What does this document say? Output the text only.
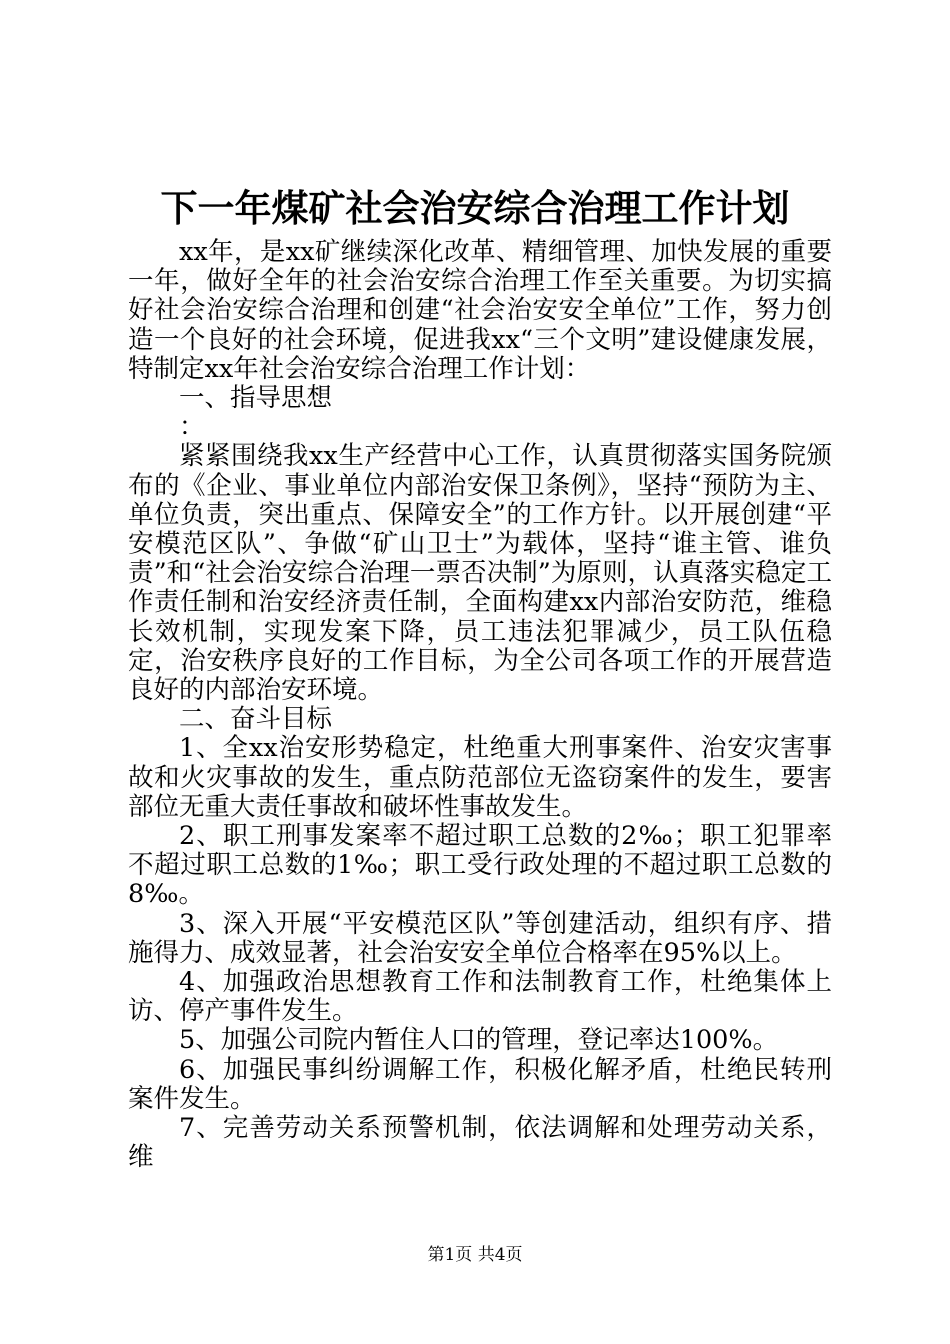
下一年煤矿社会治安综合治理工作计划

xx年，是xx矿继续深化改革、精细管理、加快发展的重要一年，做好全年的社会治安综合治理工作至关重要。为切实搞好社会治安综合治理和创建“社会治安安全单位”工作，努力创造一个良好的社会环境，促进我xx“三个文明”建设健康发展，特制定xx年社会治安综合治理工作计划：

一、指导思想

：

紧紧围绕我xx生产经营中心工作，认真贯彻落实国务院颁布的《企业、事业单位内部治安保卫条例》，坚持“预防为主、单位负责，突出重点、保障安全”的工作方针。以开展创建“平安模范区队”、争做“矿山卫士”为载体，坚持“谁主管、谁负责”和“社会治安综合治理一票否决制”为原则，认真落实稳定工作责任制和治安经济责任制，全面构建xx内部治安防范，维稳长效机制，实现发案下降，员工违法犯罪减少，员工队伍稳定，治安秩序良好的工作目标，为全公司各项工作的开展营造良好的内部治安环境。

二、奋斗目标

1、全xx治安形势稳定，杜绝重大刑事案件、治安灾害事故和火灾事故的发生，重点防范部位无盗窃案件的发生，要害部位无重大责任事故和破坏性事故发生。

2、职工刑事发案率不超过职工总数的2‰；职工犯罪率不超过职工总数的1‰；职工受行政处理的不超过职工总数的8‰。

3、深入开展“平安模范区队”等创建活动，组织有序、措施得力、成效显著，社会治安安全单位合格率在95%以上。

4、加强政治思想教育工作和法制教育工作，杜绝集体上访、停产事件发生。

5、加强公司院内暂住人口的管理，登记率达100%。

6、加强民事纠纷调解工作，积极化解矛盾，杜绝民转刑案件发生。

7、完善劳动关系预警机制，依法调解和处理劳动关系，维

第1页 共4页
